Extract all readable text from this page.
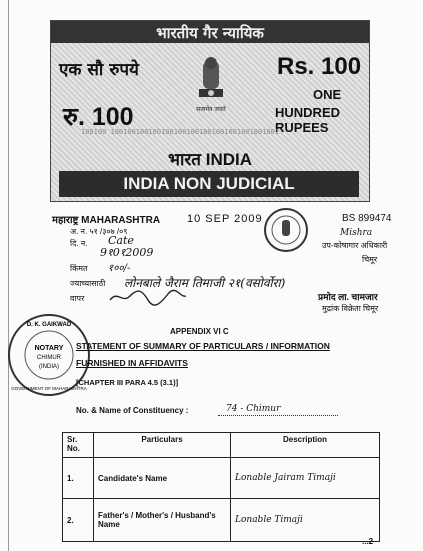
भारतीय गैर न्यायिक
एक सौ रुपये	Rs. 100
ONE
रु. 100	HUNDRED RUPEES
सत्यमेव जयते
100100 1001001001001001001001001001001001001001
भारत INDIA
INDIA NON JUDICIAL
महाराष्ट्र MAHARASHTRA 10 SEP 2009	BS 899474
अ. न. ५१ /३०७ /०९
दि. न. Cate
9१0१2009
किंमत १००/-
ज्याच्यासाठी लोनबाले जैराम तिमाजी २१(वसोर्वोरा)
वापर
Mishra
उप-कोषागार अधिकारी
चिमूर
प्रमोद ला. चामजार
मुद्रांक विक्रेता चिमूर
NOTARY
CHIMUR
(INDIA)
D. K. GAIKWAD
GOVERNMENT OF MAHARASHTRA
APPENDIX VI C
STATEMENT OF SUMMARY OF PARTICULARS / INFORMATION
FURNISHED IN AFFIDAVITS
[CHAPTER III PARA 4.5 (3.1)]
No. & Name of Constituency :	74 - Chimur
Sr. No.	Particulars	Description
1.	Candidate's Name	Lonable Jairam Timaji
2.	Father's / Mother's / Husband's Name	Lonable Timaji
...2
